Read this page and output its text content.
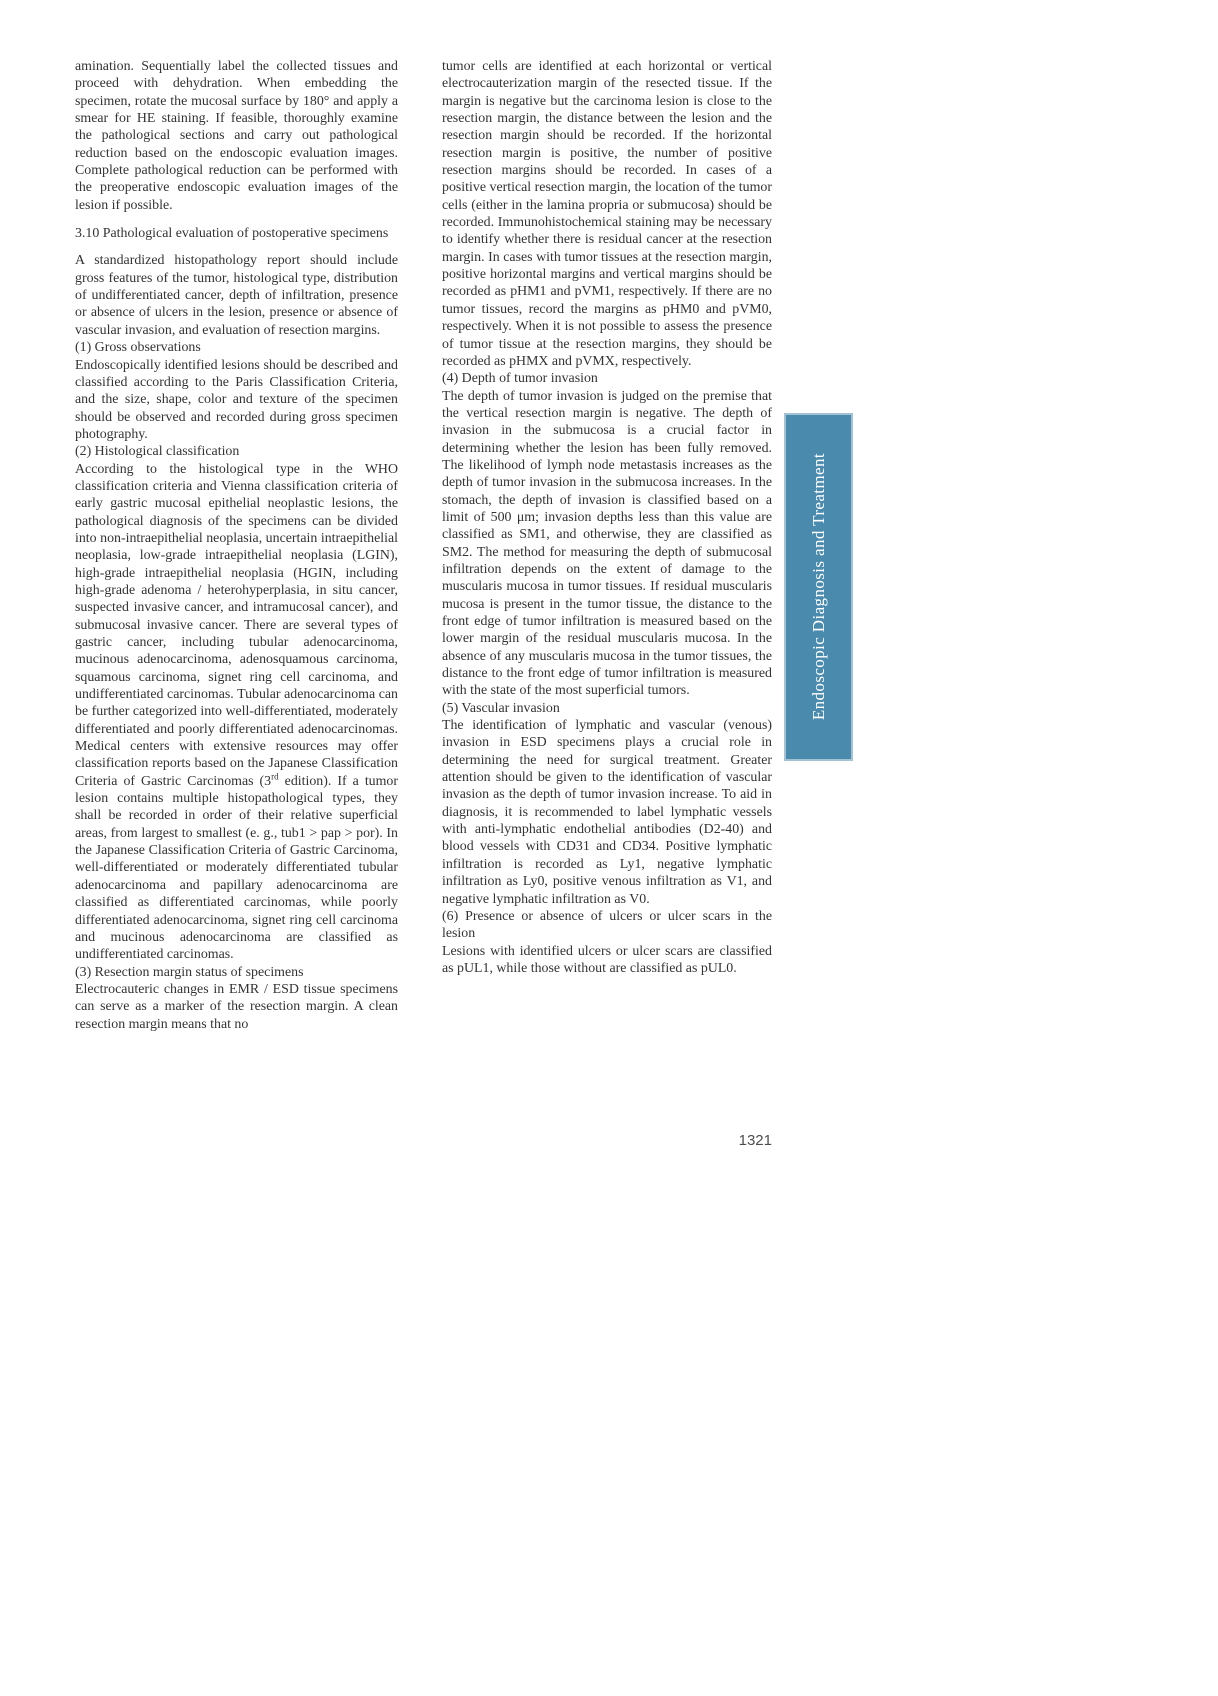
amination. Sequentially label the collected tissues and proceed with dehydration. When embedding the specimen, rotate the mucosal surface by 180° and apply a smear for HE staining. If feasible, thoroughly examine the pathological sections and carry out pathological reduction based on the endoscopic evaluation images. Complete pathological reduction can be performed with the preoperative endoscopic evaluation images of the lesion if possible.

3.10 Pathological evaluation of postoperative specimens

A standardized histopathology report should include gross features of the tumor, histological type, distribution of undifferentiated cancer, depth of infiltration, presence or absence of ulcers in the lesion, presence or absence of vascular invasion, and evaluation of resection margins.

(1) Gross observations

Endoscopically identified lesions should be described and classified according to the Paris Classification Criteria, and the size, shape, color and texture of the specimen should be observed and recorded during gross specimen photography.

(2) Histological classification

According to the histological type in the WHO classification criteria and Vienna classification criteria of early gastric mucosal epithelial neoplastic lesions, the pathological diagnosis of the specimens can be divided into non-intraepithelial neoplasia, uncertain intraepithelial neoplasia, low-grade intraepithelial neoplasia (LGIN), high-grade intraepithelial neoplasia (HGIN, including high-grade adenoma / heterohyperplasia, in situ cancer, suspected invasive cancer, and intramucosal cancer), and submucosal invasive cancer. There are several types of gastric cancer, including tubular adenocarcinoma, mucinous adenocarcinoma, adenosquamous carcinoma, squamous carcinoma, signet ring cell carcinoma, and undifferentiated carcinomas. Tubular adenocarcinoma can be further categorized into well-differentiated, moderately differentiated and poorly differentiated adenocarcinomas. Medical centers with extensive resources may offer classification reports based on the Japanese Classification Criteria of Gastric Carcinomas (3rd edition). If a tumor lesion contains multiple histopathological types, they shall be recorded in order of their relative superficial areas, from largest to smallest (e. g., tub1 > pap > por). In the Japanese Classification Criteria of Gastric Carcinoma, well-differentiated or moderately differentiated tubular adenocarcinoma and papillary adenocarcinoma are classified as differentiated carcinomas, while poorly differentiated adenocarcinoma, signet ring cell carcinoma and mucinous adenocarcinoma are classified as undifferentiated carcinomas.

(3) Resection margin status of specimens

Electrocauteric changes in EMR / ESD tissue specimens can serve as a marker of the resection margin. A clean resection margin means that no

tumor cells are identified at each horizontal or vertical electrocauterization margin of the resected tissue. If the margin is negative but the carcinoma lesion is close to the resection margin, the distance between the lesion and the resection margin should be recorded. If the horizontal resection margin is positive, the number of positive resection margins should be recorded. In cases of a positive vertical resection margin, the location of the tumor cells (either in the lamina propria or submucosa) should be recorded. Immunohistochemical staining may be necessary to identify whether there is residual cancer at the resection margin. In cases with tumor tissues at the resection margin, positive horizontal margins and vertical margins should be recorded as pHM1 and pVM1, respectively. If there are no tumor tissues, record the margins as pHM0 and pVM0, respectively. When it is not possible to assess the presence of tumor tissue at the resection margins, they should be recorded as pHMX and pVMX, respectively.

(4) Depth of tumor invasion

The depth of tumor invasion is judged on the premise that the vertical resection margin is negative. The depth of invasion in the submucosa is a crucial factor in determining whether the lesion has been fully removed. The likelihood of lymph node metastasis increases as the depth of tumor invasion in the submucosa increases. In the stomach, the depth of invasion is classified based on a limit of 500 μm; invasion depths less than this value are classified as SM1, and otherwise, they are classified as SM2. The method for measuring the depth of submucosal infiltration depends on the extent of damage to the muscularis mucosa in tumor tissues. If residual muscularis mucosa is present in the tumor tissue, the distance to the front edge of tumor infiltration is measured based on the lower margin of the residual muscularis mucosa. In the absence of any muscularis mucosa in the tumor tissues, the distance to the front edge of tumor infiltration is measured with the state of the most superficial tumors.

(5) Vascular invasion

The identification of lymphatic and vascular (venous) invasion in ESD specimens plays a crucial role in determining the need for surgical treatment. Greater attention should be given to the identification of vascular invasion as the depth of tumor invasion increase. To aid in diagnosis, it is recommended to label lymphatic vessels with anti-lymphatic endothelial antibodies (D2-40) and blood vessels with CD31 and CD34. Positive lymphatic infiltration is recorded as Ly1, negative lymphatic infiltration as Ly0, positive venous infiltration as V1, and negative lymphatic infiltration as V0.

(6) Presence or absence of ulcers or ulcer scars in the lesion

Lesions with identified ulcers or ulcer scars are classified as pUL1, while those without are classified as pUL0.

Endoscopic Diagnosis and Treatment
1321
